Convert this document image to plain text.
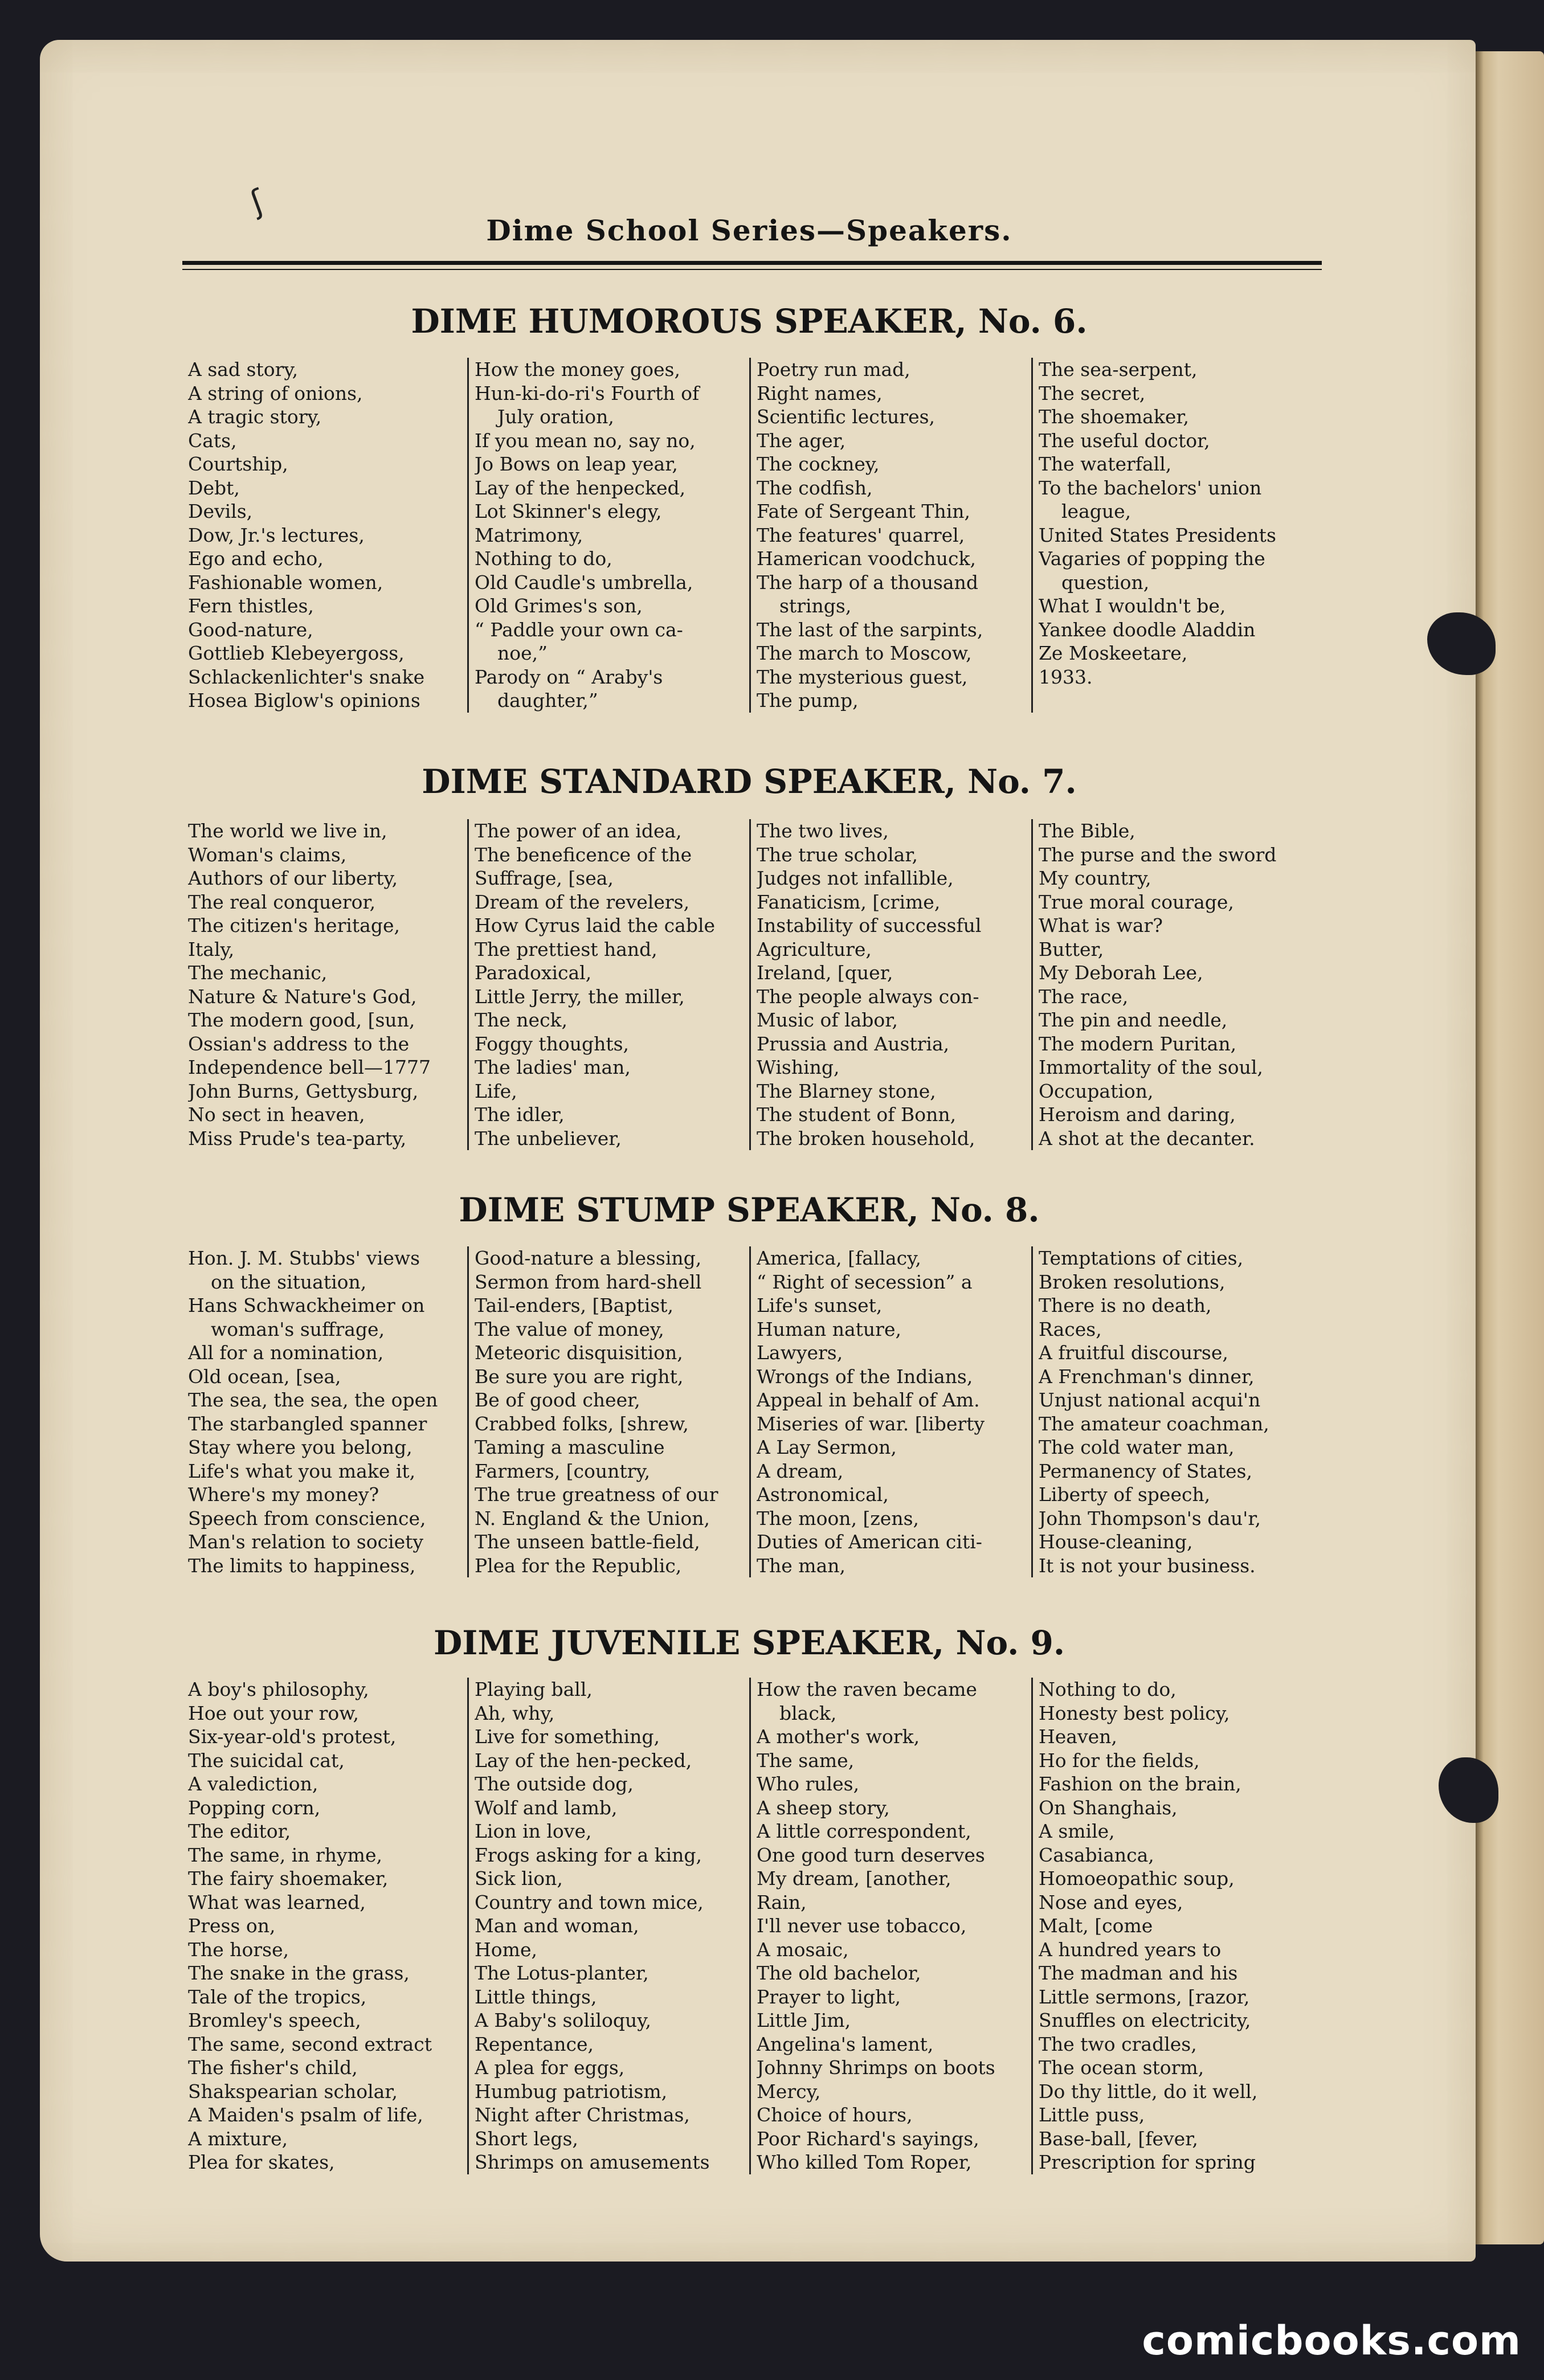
ʃ
Dime School Series—Speakers.
DIME HUMOROUS SPEAKER, No. 6.
A sad story,
A string of onions,
A tragic story,
Cats,
Courtship,
Debt,
Devils,
Dow, Jr.'s lectures,
Ego and echo,
Fashionable women,
Fern thistles,
Good-nature,
Gottlieb Klebeyergoss,
Schlackenlichter's snake
Hosea Biglow's opinions
How the money goes,
Hun-ki-do-ri's Fourth of
July oration,
If you mean no, say no,
Jo Bows on leap year,
Lay of the henpecked,
Lot Skinner's elegy,
Matrimony,
Nothing to do,
Old Caudle's umbrella,
Old Grimes's son,
“ Paddle your own ca-
noe,”
Parody on “ Araby's
daughter,”
Poetry run mad,
Right names,
Scientific lectures,
The ager,
The cockney,
The codfish,
Fate of Sergeant Thin,
The features' quarrel,
Hamerican voodchuck,
The harp of a thousand
strings,
The last of the sarpints,
The march to Moscow,
The mysterious guest,
The pump,
The sea-serpent,
The secret,
The shoemaker,
The useful doctor,
The waterfall,
To the bachelors' union
league,
United States Presidents
Vagaries of popping the
question,
What I wouldn't be,
Yankee doodle Aladdin
Ze Moskeetare,
1933.
DIME STANDARD SPEAKER, No. 7.
The world we live in,
Woman's claims,
Authors of our liberty,
The real conqueror,
The citizen's heritage,
Italy,
The mechanic,
Nature & Nature's God,
The modern good, [sun,
Ossian's address to the
Independence bell—1777
John Burns, Gettysburg,
No sect in heaven,
Miss Prude's tea-party,
The power of an idea,
The beneficence of the
Suffrage, [sea,
Dream of the revelers,
How Cyrus laid the cable
The prettiest hand,
Paradoxical,
Little Jerry, the miller,
The neck,
Foggy thoughts,
The ladies' man,
Life,
The idler,
The unbeliever,
The two lives,
The true scholar,
Judges not infallible,
Fanaticism, [crime,
Instability of successful
Agriculture,
Ireland, [quer,
The people always con-
Music of labor,
Prussia and Austria,
Wishing,
The Blarney stone,
The student of Bonn,
The broken household,
The Bible,
The purse and the sword
My country,
True moral courage,
What is war?
Butter,
My Deborah Lee,
The race,
The pin and needle,
The modern Puritan,
Immortality of the soul,
Occupation,
Heroism and daring,
A shot at the decanter.
DIME STUMP SPEAKER, No. 8.
Hon. J. M. Stubbs' views
on the situation,
Hans Schwackheimer on
woman's suffrage,
All for a nomination,
Old ocean, [sea,
The sea, the sea, the open
The starbangled spanner
Stay where you belong,
Life's what you make it,
Where's my money?
Speech from conscience,
Man's relation to society
The limits to happiness,
Good-nature a blessing,
Sermon from hard-shell
Tail-enders, [Baptist,
The value of money,
Meteoric disquisition,
Be sure you are right,
Be of good cheer,
Crabbed folks, [shrew,
Taming a masculine
Farmers, [country,
The true greatness of our
N. England & the Union,
The unseen battle-field,
Plea for the Republic,
America, [fallacy,
“ Right of secession” a
Life's sunset,
Human nature,
Lawyers,
Wrongs of the Indians,
Appeal in behalf of Am.
Miseries of war. [liberty
A Lay Sermon,
A dream,
Astronomical,
The moon, [zens,
Duties of American citi-
The man,
Temptations of cities,
Broken resolutions,
There is no death,
Races,
A fruitful discourse,
A Frenchman's dinner,
Unjust national acqui'n
The amateur coachman,
The cold water man,
Permanency of States,
Liberty of speech,
John Thompson's dau'r,
House-cleaning,
It is not your business.
DIME JUVENILE SPEAKER, No. 9.
A boy's philosophy,
Hoe out your row,
Six-year-old's protest,
The suicidal cat,
A valediction,
Popping corn,
The editor,
The same, in rhyme,
The fairy shoemaker,
What was learned,
Press on,
The horse,
The snake in the grass,
Tale of the tropics,
Bromley's speech,
The same, second extract
The fisher's child,
Shakspearian scholar,
A Maiden's psalm of life,
A mixture,
Plea for skates,
Playing ball,
Ah, why,
Live for something,
Lay of the hen-pecked,
The outside dog,
Wolf and lamb,
Lion in love,
Frogs asking for a king,
Sick lion,
Country and town mice,
Man and woman,
Home,
The Lotus-planter,
Little things,
A Baby's soliloquy,
Repentance,
A plea for eggs,
Humbug patriotism,
Night after Christmas,
Short legs,
Shrimps on amusements
How the raven became
black,
A mother's work,
The same,
Who rules,
A sheep story,
A little correspondent,
One good turn deserves
My dream, [another,
Rain,
I'll never use tobacco,
A mosaic,
The old bachelor,
Prayer to light,
Little Jim,
Angelina's lament,
Johnny Shrimps on boots
Mercy,
Choice of hours,
Poor Richard's sayings,
Who killed Tom Roper,
Nothing to do,
Honesty best policy,
Heaven,
Ho for the fields,
Fashion on the brain,
On Shanghais,
A smile,
Casabianca,
Homoeopathic soup,
Nose and eyes,
Malt, [come
A hundred years to
The madman and his
Little sermons, [razor,
Snuffles on electricity,
The two cradles,
The ocean storm,
Do thy little, do it well,
Little puss,
Base-ball, [fever,
Prescription for spring
comicbooks.com
